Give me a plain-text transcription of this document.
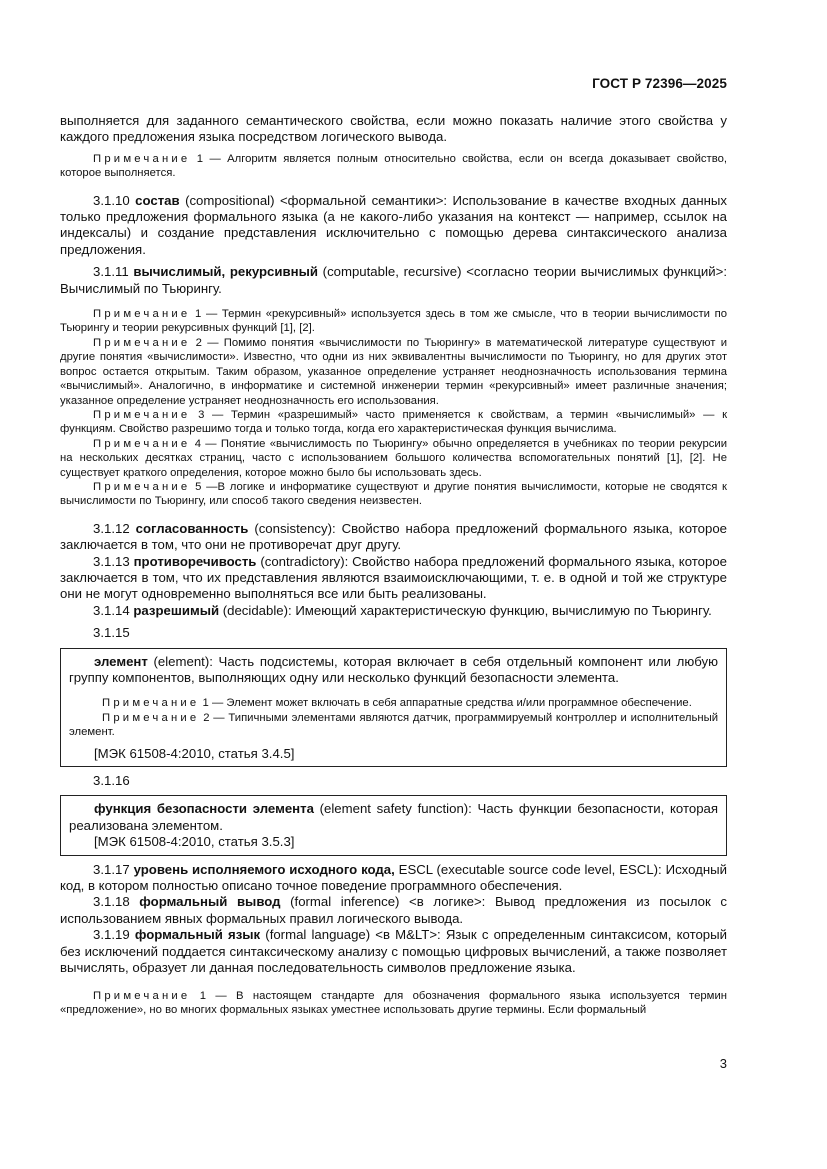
ГОСТ Р 72396—2025

выполняется для заданного семантического свойства, если можно показать наличие этого свойства у каждого предложения языка посредством логического вывода.

Примечание 1 — Алгоритм является полным относительно свойства, если он всегда доказывает свойство, которое выполняется.

3.1.10 состав (compositional) <формальной семантики>: Использование в качестве входных данных только предложения формального языка (а не какого-либо указания на контекст — например, ссылок на индексалы) и создание представления исключительно с помощью дерева синтаксического анализа предложения.

3.1.11 вычислимый, рекурсивный (computable, recursive) <согласно теории вычислимых функций>: Вычислимый по Тьюрингу.

Примечание 1 — Термин «рекурсивный» используется здесь в том же смысле, что в теории вычислимости по Тьюрингу и теории рекурсивных функций [1], [2].

Примечание 2 — Помимо понятия «вычислимости по Тьюрингу» в математической литературе существуют и другие понятия «вычислимости». Известно, что одни из них эквивалентны вычислимости по Тьюрингу, но для других этот вопрос остается открытым. Таким образом, указанное определение устраняет неоднозначность использования термина «вычислимый». Аналогично, в информатике и системной инженерии термин «рекурсивный» имеет различные значения; указанное определение устраняет неоднозначность его использования.

Примечание 3 — Термин «разрешимый» часто применяется к свойствам, а термин «вычислимый» — к функциям. Свойство разрешимо тогда и только тогда, когда его характеристическая функция вычислима.

Примечание 4 — Понятие «вычислимость по Тьюрингу» обычно определяется в учебниках по теории рекурсии на нескольких десятках страниц, часто с использованием большого количества вспомогательных понятий [1], [2]. Не существует краткого определения, которое можно было бы использовать здесь.

Примечание 5 —В логике и информатике существуют и другие понятия вычислимости, которые не сводятся к вычислимости по Тьюрингу, или способ такого сведения неизвестен.

3.1.12 согласованность (consistency): Свойство набора предложений формального языка, которое заключается в том, что они не противоречат друг другу.

3.1.13 противоречивость (contradictory): Свойство набора предложений формального языка, которое заключается в том, что их представления являются взаимоисключающими, т. е. в одной и той же структуре они не могут одновременно выполняться все или быть реализованы.

3.1.14 разрешимый (decidable): Имеющий характеристическую функцию, вычислимую по Тьюрингу.

3.1.15

элемент (element): Часть подсистемы, которая включает в себя отдельный компонент или любую группу компонентов, выполняющих одну или несколько функций безопасности элемента.

Примечание 1 — Элемент может включать в себя аппаратные средства и/или программное обеспечение.

Примечание 2 — Типичными элементами являются датчик, программируемый контроллер и исполнительный элемент.

[МЭК 61508-4:2010, статья 3.4.5]

3.1.16

функция безопасности элемента (element safety function): Часть функции безопасности, которая реализована элементом.

[МЭК 61508-4:2010, статья 3.5.3]

3.1.17 уровень исполняемого исходного кода, ESCL (executable source code level, ESCL): Исходный код, в котором полностью описано точное поведение программного обеспечения.

3.1.18 формальный вывод (formal inference) <в логике>: Вывод предложения из посылок с использованием явных формальных правил логического вывода.

3.1.19 формальный язык (formal language) <в M&LT>: Язык с определенным синтаксисом, который без исключений поддается синтаксическому анализу с помощью цифровых вычислений, а также позволяет вычислять, образует ли данная последовательность символов предложение языка.

Примечание 1 — В настоящем стандарте для обозначения формального языка используется термин «предложение», но во многих формальных языках уместнее использовать другие термины. Если формальный

3
